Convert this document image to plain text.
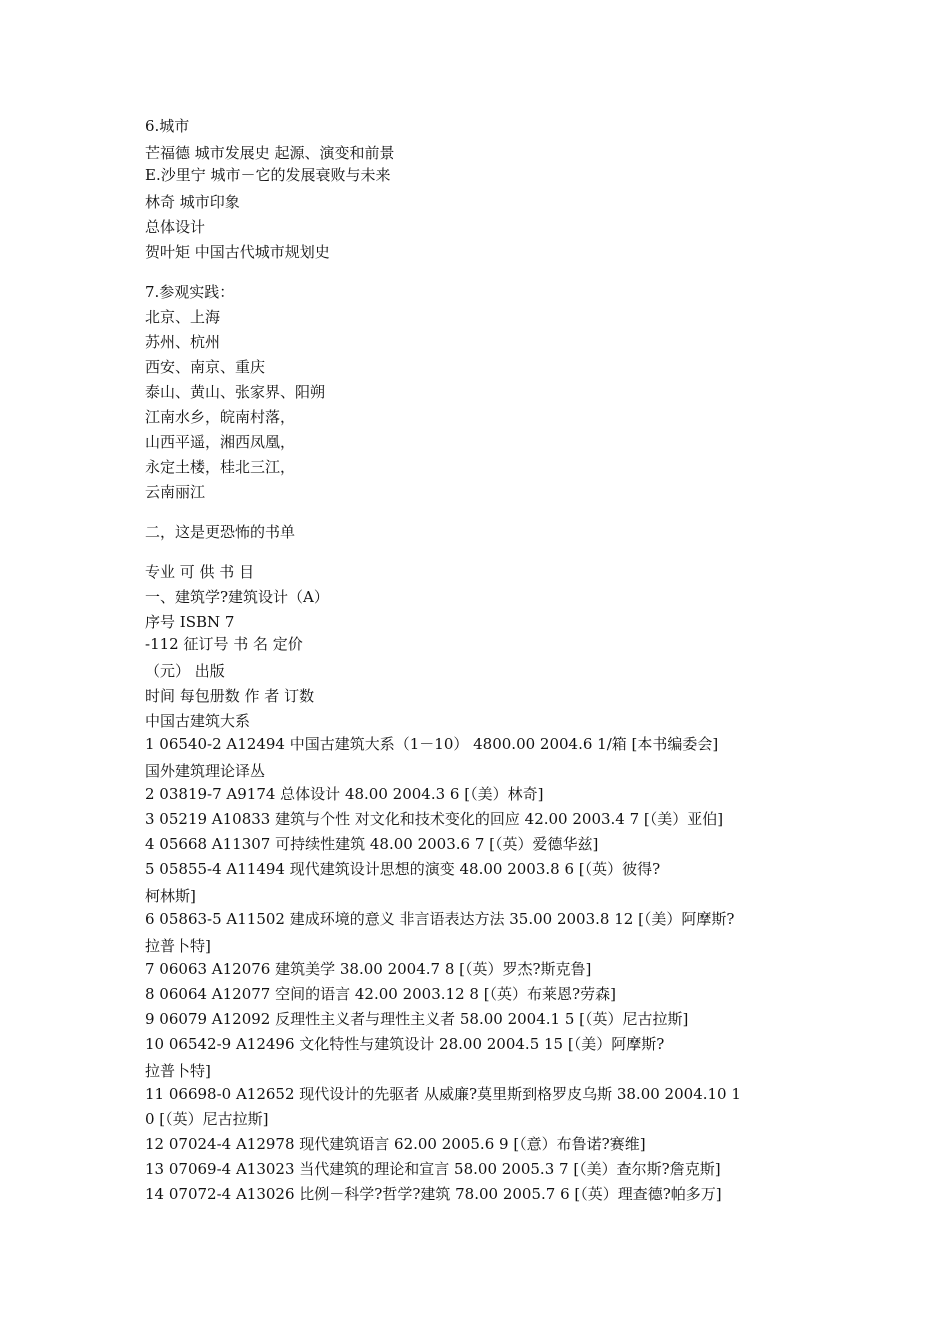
6.城市
芒福德 城市发展史 起源、演变和前景
E.沙里宁 城市－它的发展衰败与未来
林奇 城市印象
总体设计
贺叶矩 中国古代城市规划史
7.参观实践：
北京、上海
苏州、杭州
西安、南京、重庆
泰山、黄山、张家界、阳朔
江南水乡，皖南村落，
山西平遥，湘西凤凰，
永定土楼，桂北三江，
云南丽江
二，这是更恐怖的书单
专业 可 供 书 目
一、建筑学?建筑设计（A）
序号 ISBN 7
-112 征订号 书 名 定价
（元） 出版
时间 每包册数 作 者 订数
中国古建筑大系
1 06540-2 A12494 中国古建筑大系（1－10） 4800.00 2004.6 1/箱 [本书编委会]
国外建筑理论译丛
2 03819-7 A9174 总体设计 48.00 2004.3 6 [（美）林奇]
3 05219 A10833 建筑与个性 对文化和技术变化的回应 42.00 2003.4 7 [（美）亚伯]
4 05668 A11307 可持续性建筑 48.00 2003.6 7 [（英）爱德华兹]
5 05855-4 A11494 现代建筑设计思想的演变 48.00 2003.8 6 [（英）彼得?
柯林斯]
6 05863-5 A11502 建成环境的意义 非言语表达方法 35.00 2003.8 12 [（美）阿摩斯?
拉普卜特]
7 06063 A12076 建筑美学 38.00 2004.7 8 [（英）罗杰?斯克鲁]
8 06064 A12077 空间的语言 42.00 2003.12 8 [（英）布莱恩?劳森]
9 06079 A12092 反理性主义者与理性主义者 58.00 2004.1 5 [（英）尼古拉斯]
10 06542-9 A12496 文化特性与建筑设计 28.00 2004.5 15 [（美）阿摩斯?
拉普卜特]
11 06698-0 A12652 现代设计的先驱者 从威廉?莫里斯到格罗皮乌斯 38.00 2004.10 1
0 [（英）尼古拉斯]
12 07024-4 A12978 现代建筑语言 62.00 2005.6 9 [（意）布鲁诺?赛维]
13 07069-4 A13023 当代建筑的理论和宣言 58.00 2005.3 7 [（美）查尔斯?詹克斯]
14 07072-4 A13026 比例－科学?哲学?建筑 78.00 2005.7 6 [（英）理查德?帕多万]
